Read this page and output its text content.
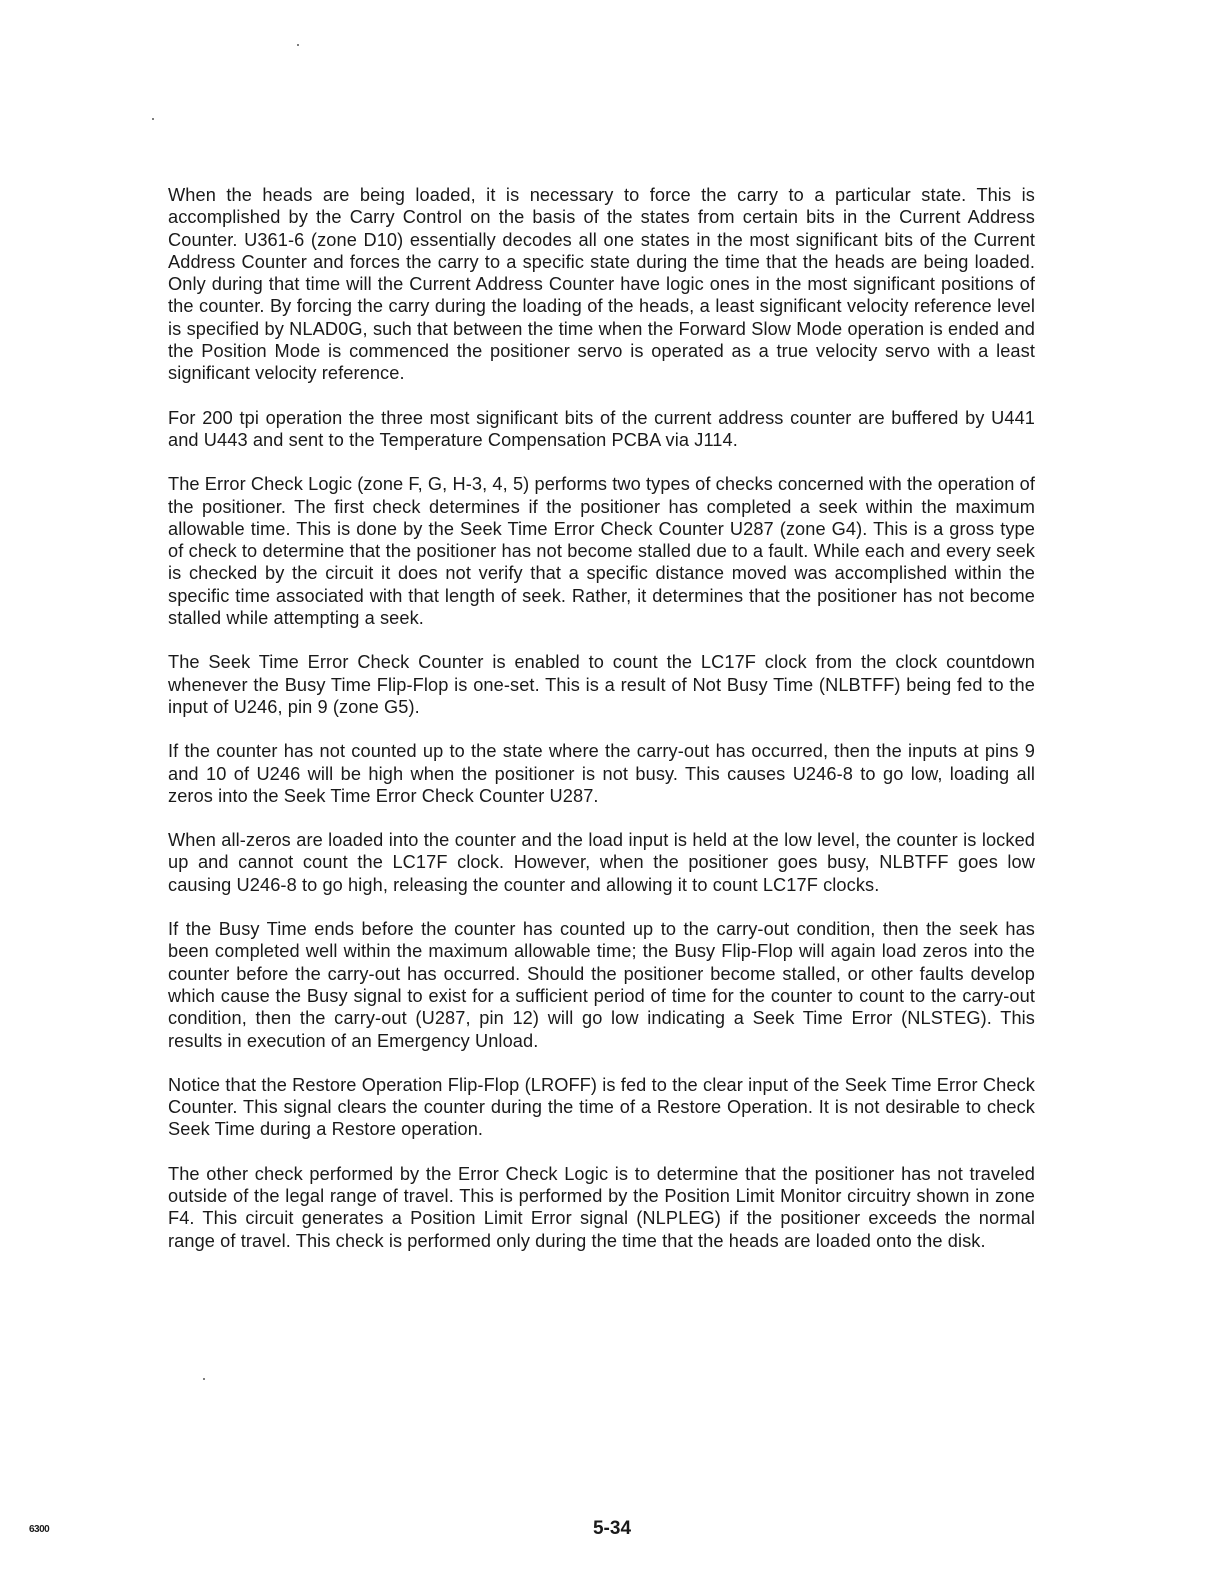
When the heads are being loaded, it is necessary to force the carry to a particular state. This is accomplished by the Carry Control on the basis of the states from certain bits in the Current Address Counter. U361-6 (zone D10) essentially decodes all one states in the most significant bits of the Current Address Counter and forces the carry to a specific state during the time that the heads are being loaded. Only during that time will the Current Address Counter have logic ones in the most significant positions of the counter. By forcing the carry during the loading of the heads, a least significant velocity reference level is specified by NLAD0G, such that between the time when the Forward Slow Mode operation is ended and the Position Mode is commenced the positioner servo is operated as a true velocity servo with a least significant velocity reference.

For 200 tpi operation the three most significant bits of the current address counter are buffered by U441 and U443 and sent to the Temperature Compensation PCBA via J114.

The Error Check Logic (zone F, G, H-3, 4, 5) performs two types of checks concerned with the operation of the positioner. The first check determines if the positioner has completed a seek within the maximum allowable time. This is done by the Seek Time Error Check Counter U287 (zone G4). This is a gross type of check to determine that the positioner has not become stalled due to a fault. While each and every seek is checked by the circuit it does not verify that a specific distance moved was accomplished within the specific time associated with that length of seek. Rather, it determines that the positioner has not become stalled while attempting a seek.

The Seek Time Error Check Counter is enabled to count the LC17F clock from the clock countdown whenever the Busy Time Flip-Flop is one-set. This is a result of Not Busy Time (NLBTFF) being fed to the input of U246, pin 9 (zone G5).

If the counter has not counted up to the state where the carry-out has occurred, then the inputs at pins 9 and 10 of U246 will be high when the positioner is not busy. This causes U246-8 to go low, loading all zeros into the Seek Time Error Check Counter U287.

When all-zeros are loaded into the counter and the load input is held at the low level, the counter is locked up and cannot count the LC17F clock. However, when the positioner goes busy, NLBTFF goes low causing U246-8 to go high, releasing the counter and allowing it to count LC17F clocks.

If the Busy Time ends before the counter has counted up to the carry-out condition, then the seek has been completed well within the maximum allowable time; the Busy Flip-Flop will again load zeros into the counter before the carry-out has occurred. Should the positioner become stalled, or other faults develop which cause the Busy signal to exist for a sufficient period of time for the counter to count to the carry-out condition, then the carry-out (U287, pin 12) will go low indicating a Seek Time Error (NLSTEG). This results in execution of an Emergency Unload.

Notice that the Restore Operation Flip-Flop (LROFF) is fed to the clear input of the Seek Time Error Check Counter. This signal clears the counter during the time of a Restore Operation. It is not desirable to check Seek Time during a Restore operation.

The other check performed by the Error Check Logic is to determine that the positioner has not traveled outside of the legal range of travel. This is performed by the Position Limit Monitor circuitry shown in zone F4. This circuit generates a Position Limit Error signal (NLPLEG) if the positioner exceeds the normal range of travel. This check is performed only during the time that the heads are loaded onto the disk.

6300	5-34
